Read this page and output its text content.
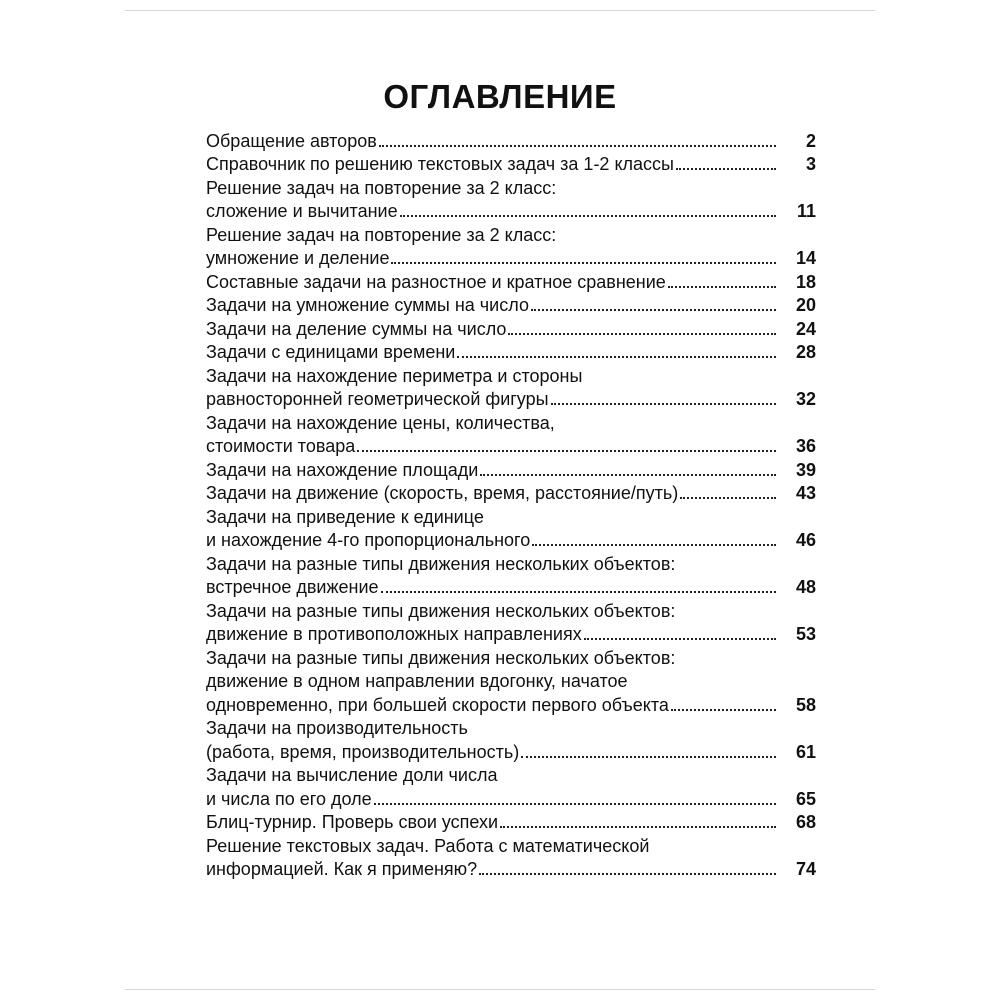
ОГЛАВЛЕНИЕ
Обращение авторов	2
Справочник по решению текстовых задач за 1-2 классы	3
Решение задач на повторение за 2 класс:
сложение и вычитание	11
Решение задач на повторение за 2 класс:
умножение и деление	14
Составные задачи на разностное и кратное сравнение	18
Задачи на умножение суммы на число	20
Задачи на деление суммы на число	24
Задачи с единицами времени	28
Задачи на нахождение периметра и стороны
равносторонней геометрической фигуры	32
Задачи на нахождение цены, количества,
стоимости товара	36
Задачи на нахождение площади	39
Задачи на движение (скорость, время, расстояние/путь)	43
Задачи на приведение к единице
и нахождение 4-го пропорционального	46
Задачи на разные типы движения нескольких объектов:
встречное движение	48
Задачи на разные типы движения нескольких объектов:
движение в противоположных направлениях	53
Задачи на разные типы движения нескольких объектов:
движение в одном направлении вдогонку, начатое
одновременно, при большей скорости первого объекта	58
Задачи на производительность
(работа, время, производительность)	61
Задачи на вычисление доли числа
и числа по его доле	65
Блиц-турнир. Проверь свои успехи	68
Решение текстовых задач. Работа с математической
информацией. Как я применяю?	74
